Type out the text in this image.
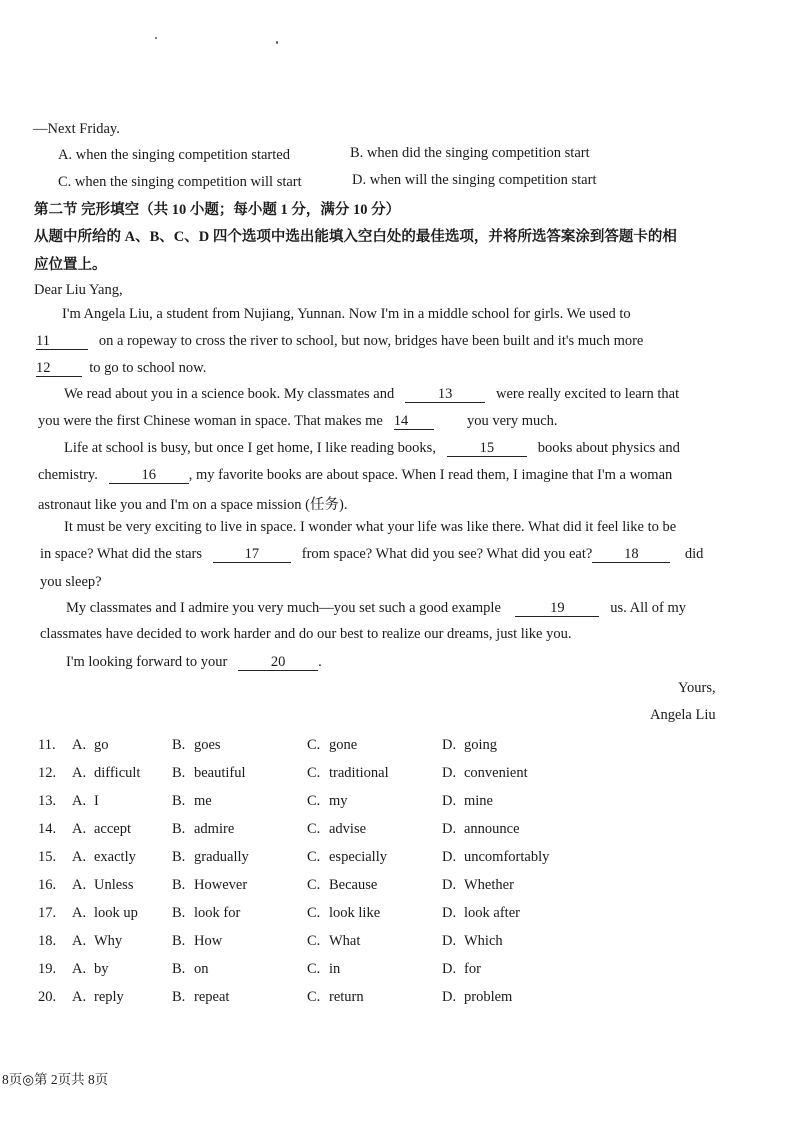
—Next Friday.
A. when the singing competition started	B. when did the singing competition start
C. when the singing competition will start	D. when will the singing competition start
第二节 完形填空（共 10 小题；每小题 1 分，满分 10 分）
从题中所给的 A、B、C、D 四个选项中选出能填入空白处的最佳选项，并将所选答案涂到答题卡的相
应位置上。
Dear Liu Yang,
I'm Angela Liu, a student from Nujiang, Yunnan. Now I'm in a middle school for girls. We used to
11	on a ropeway to cross the river to school, but now, bridges have been built and it's much more
12	to go to school now.
We read about you in a science book. My classmates and	13	were really excited to learn that
you were the first Chinese woman in space. That makes me 14	you very much.
Life at school is busy, but once I get home, I like reading books,	15	books about physics and
chemistry.	16 , my favorite books are about space. When I read them, I imagine that I'm a woman
astronaut like you and I'm on a space mission (任务).
It must be very exciting to live in space. I wonder what your life was like there. What did it feel like to be
in space? What did the stars	17	from space? What did you see? What did you eat? 18	did
you sleep?
My classmates and I admire you very much—you set such a good example	19	us. All of my
classmates have decided to work harder and do our best to realize our dreams, just like you.
I'm looking forward to your	20 .
Yours,
Angela Liu
11. A. go	B. goes	C. gone	D. going
12. A. difficult B. beautiful	C. traditional	D. convenient
13. A. I	B. me	C. my	D. mine
14. A. accept	B. admire	C. advise	D. announce
15. A. exactly B. gradually	C. especially	D. uncomfortably
16. A. Unless	B. However	C. Because	D. Whether
17. A. look up B. look for	C. look like	D. look after
18. A. Why	B. How	C. What	D. Which
19. A. by	B. on	C. in	D. for
20. A. reply	B. repeat	C. return	D. problem
8页◎第 2页共 8页
